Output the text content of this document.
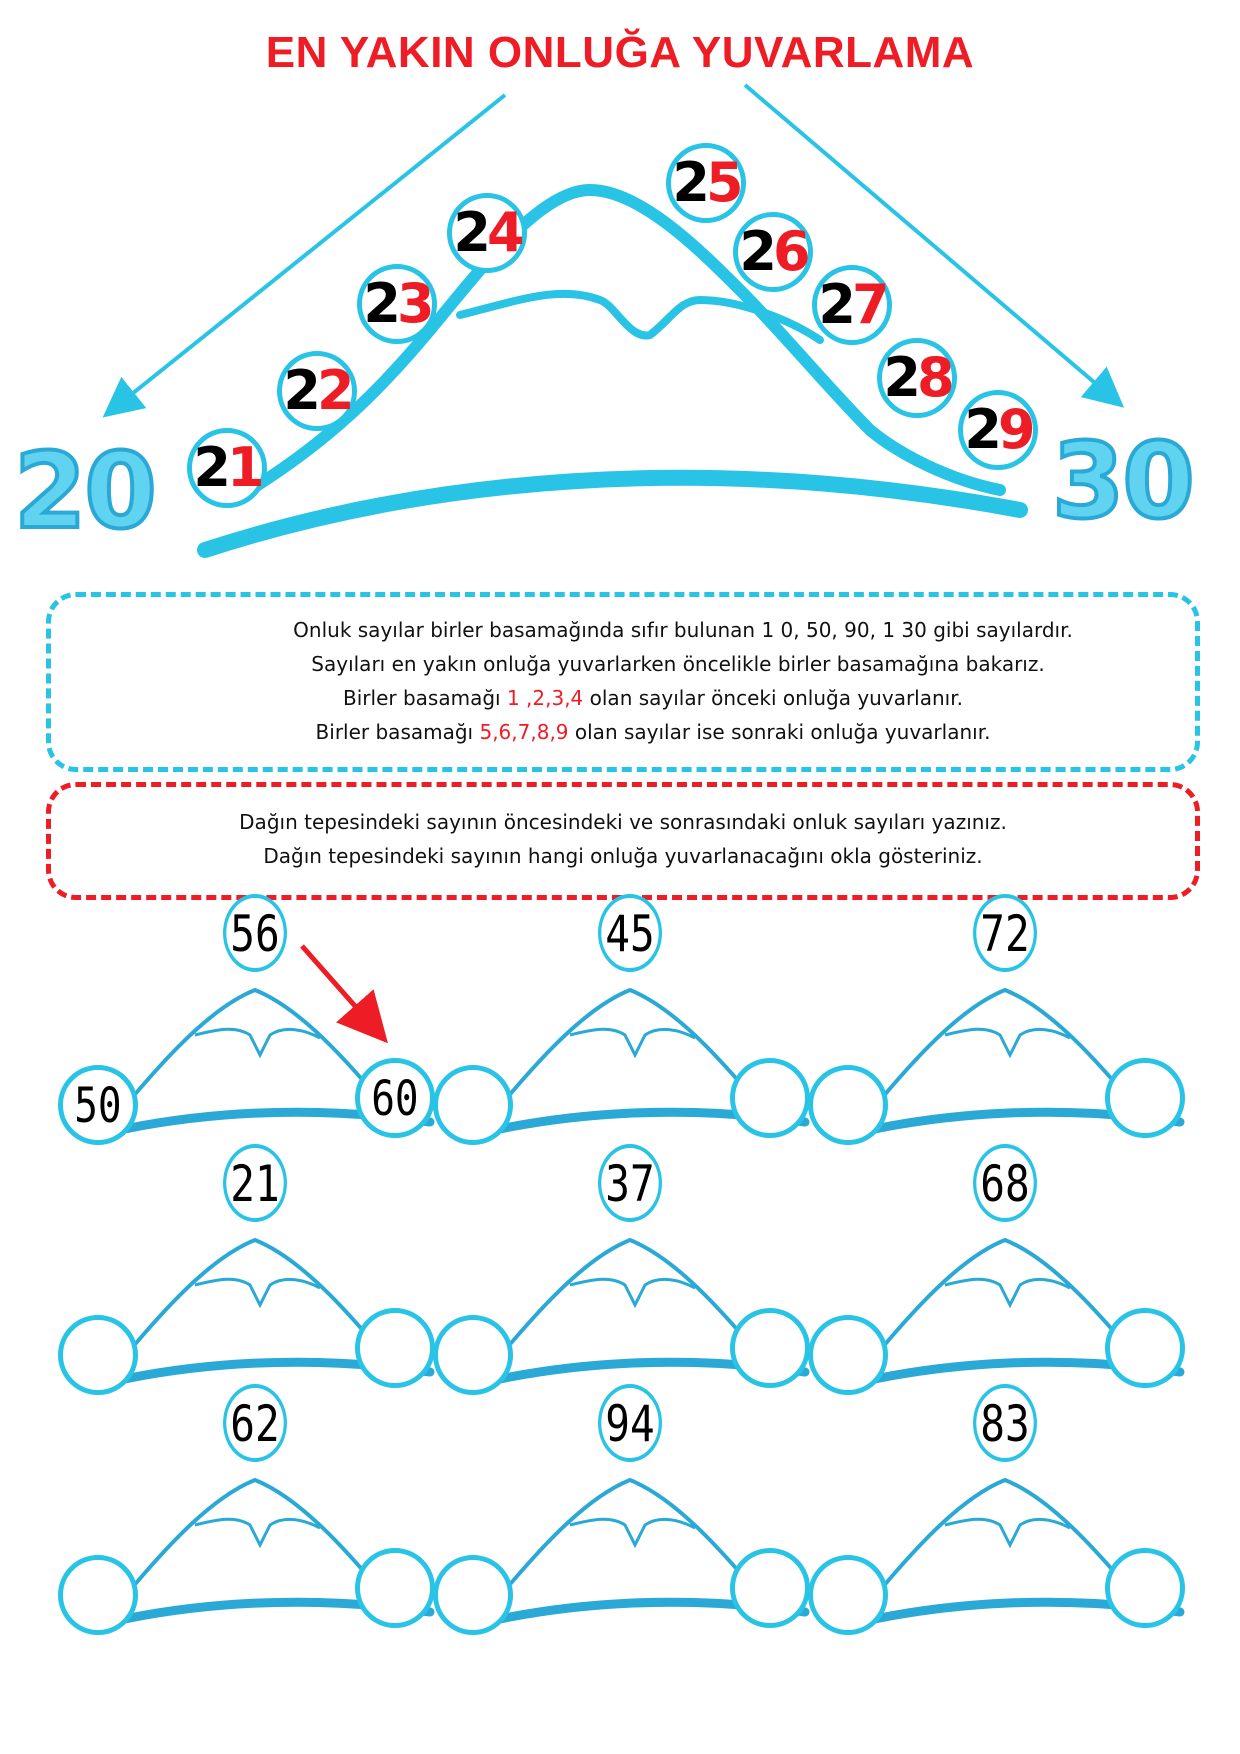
EN YAKIN ONLUĞA YUVARLAMA
20	30
21
22
23
24
25
26
27
28
29
Onluk sayılar birler basamağında sıfır bulunan 1 0, 50, 90, 1 30 gibi sayılardır.
Sayıları en yakın onluğa yuvarlarken öncelikle birler basamağına bakarız.
Birler basamağı 1 ,2,3,4 olan sayılar önceki onluğa yuvarlanır.
Birler basamağı 5,6,7,8,9 olan sayılar ise sonraki onluğa yuvarlanır.
Dağın tepesindeki sayının öncesindeki ve sonrasındaki onluk sayıları yazınız.
Dağın tepesindeki sayının hangi onluğa yuvarlanacağını okla gösteriniz.
56
50	60
45	72
21	37	68
62	94	83
